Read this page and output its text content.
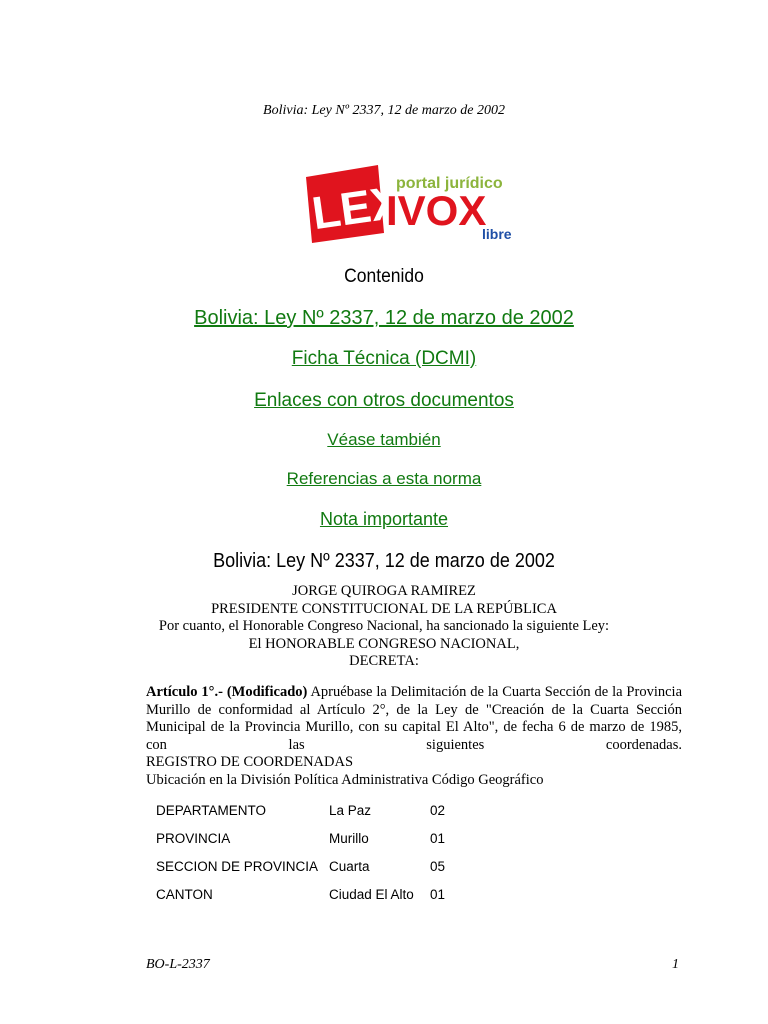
Bolivia: Ley Nº 2337, 12 de marzo de 2002
LEX
portal jurídico
IVOX
libre
Contenido
Bolivia: Ley Nº 2337, 12 de marzo de 2002
Ficha Técnica (DCMI)
Enlaces con otros documentos
Véase también
Referencias a esta norma
Nota importante
Bolivia: Ley Nº 2337, 12 de marzo de 2002
JORGE QUIROGA RAMIREZ
PRESIDENTE CONSTITUCIONAL DE LA REPÚBLICA
Por cuanto, el Honorable Congreso Nacional, ha sancionado la siguiente Ley:
El HONORABLE CONGRESO NACIONAL,
DECRETA:

Artículo 1°.- (Modificado) Apruébase la Delimitación de la Cuarta Sección de la Provincia Murillo de conformidad al Artículo 2°, de la Ley de "Creación de la Cuarta Sección Municipal de la Provincia Murillo, con su capital El Alto", de fecha 6 de marzo de 1985, con las siguientes coordenadas.

REGISTRO DE COORDENADAS

Ubicación en la División Política Administrativa Código Geográfico

DEPARTAMENTO	La Paz	02
PROVINCIA	Murillo	01
SECCION DE PROVINCIA	Cuarta	05
CANTON	Ciudad El Alto	01
BO-L-2337	1
